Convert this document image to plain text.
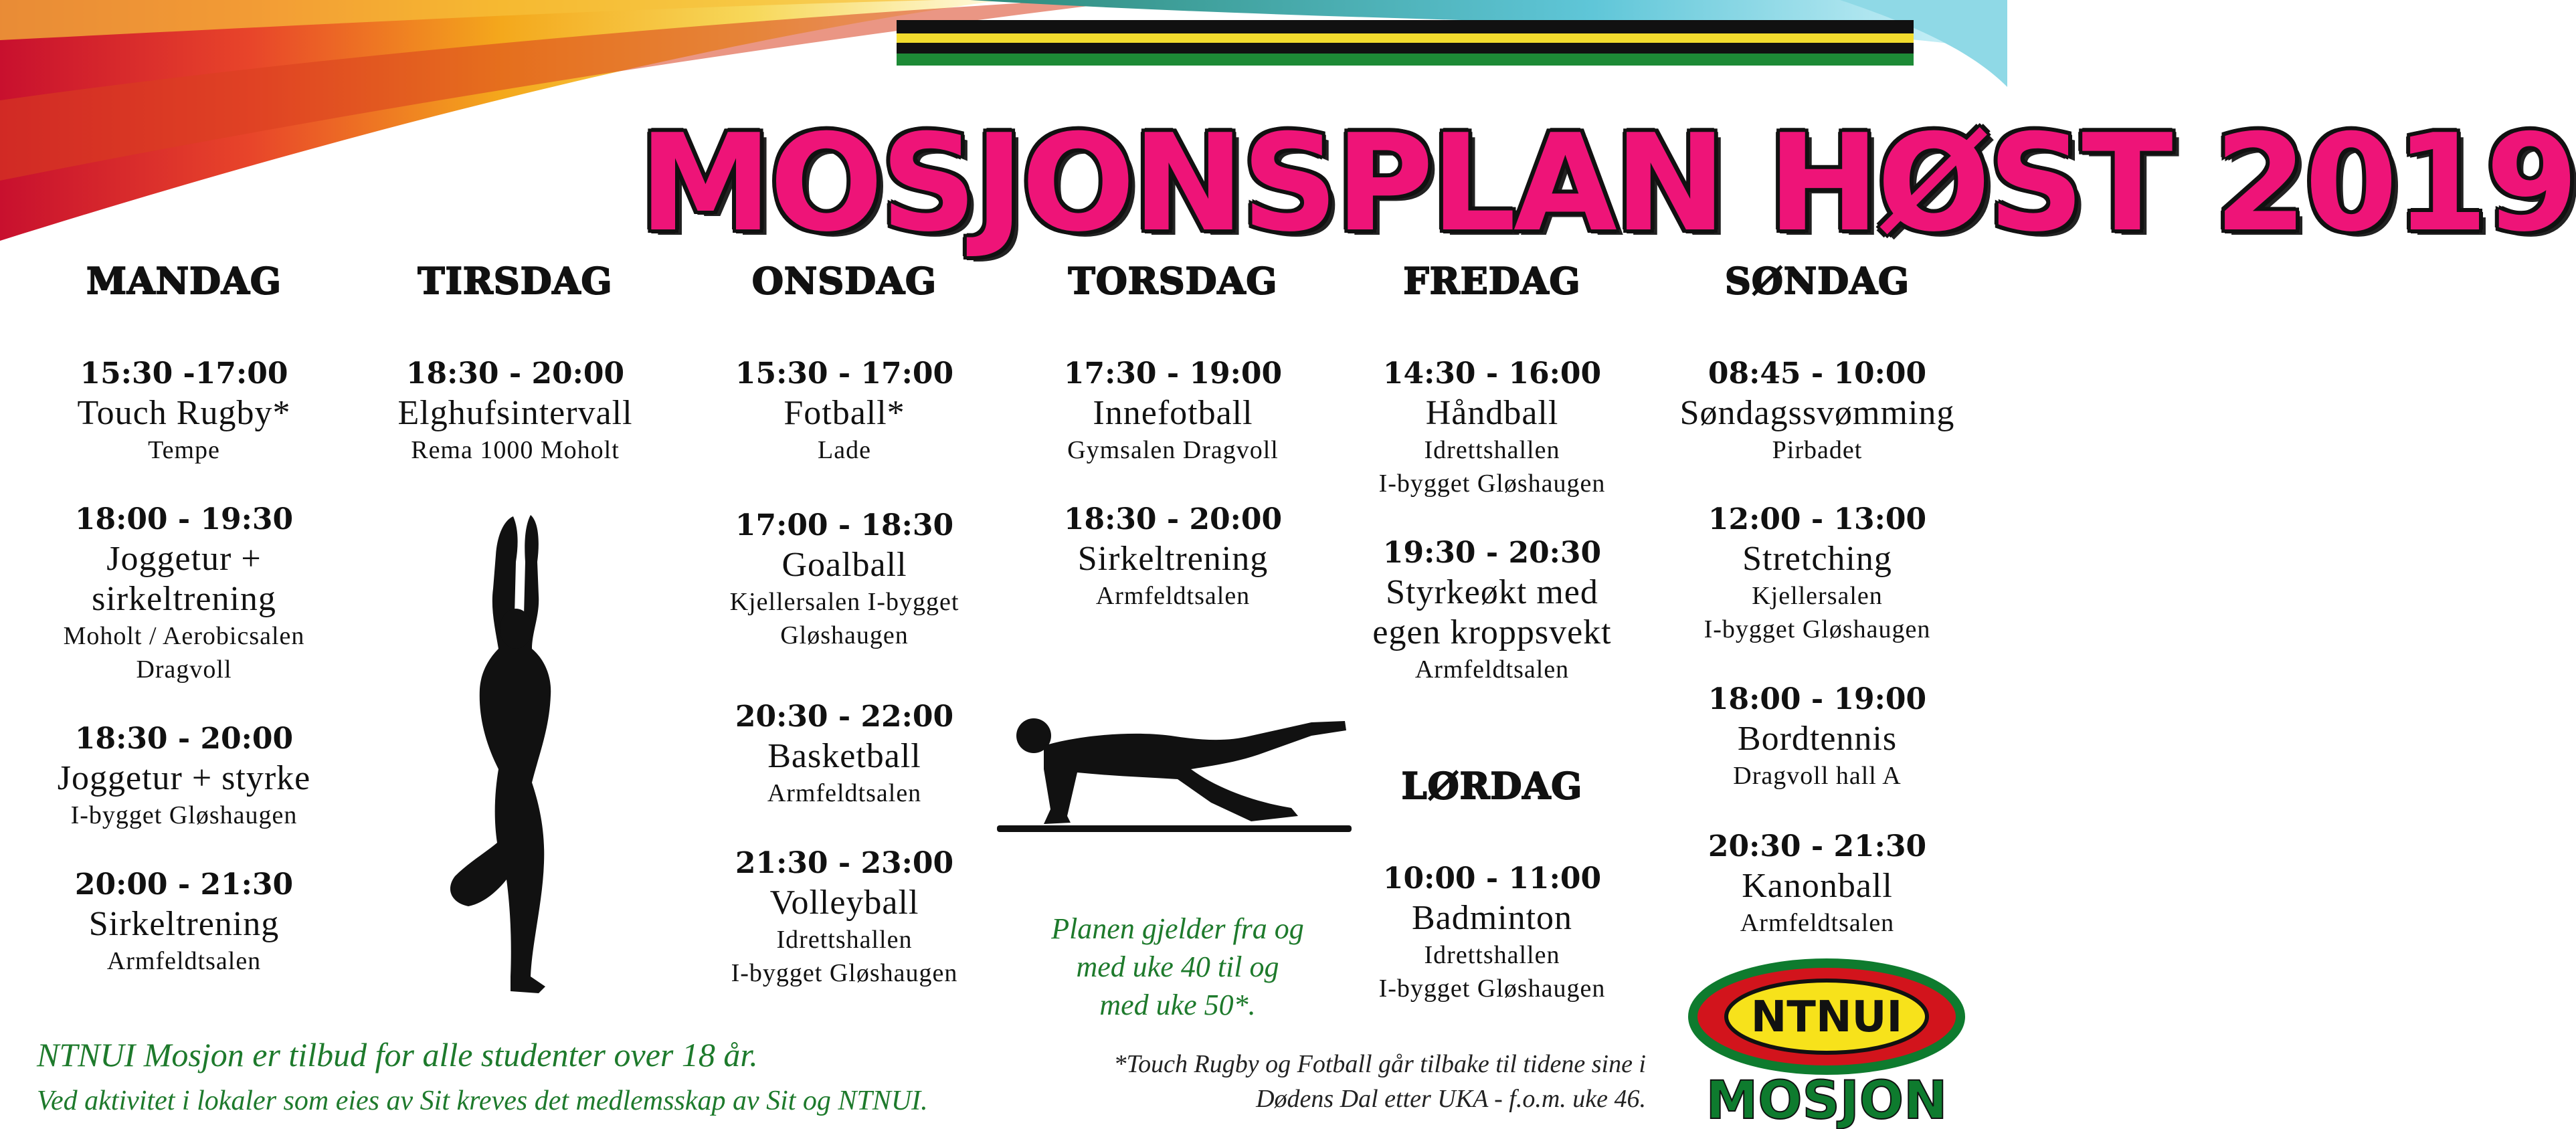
MOSJONSPLAN HØST 2019
MANDAG
15:30 -17:00
Touch Rugby*
Tempe
18:00 - 19:30
Joggetur +
sirkeltrening
Moholt / Aerobicsalen
Dragvoll
18:30 - 20:00
Joggetur + styrke
I-bygget Gløshaugen
20:00 - 21:30
Sirkeltrening
Armfeldtsalen
TIRSDAG
18:30 - 20:00
Elghufsintervall
Rema 1000 Moholt
ONSDAG
15:30 - 17:00
Fotball*
Lade
17:00 - 18:30
Goalball
Kjellersalen I-bygget
Gløshaugen
20:30 - 22:00
Basketball
Armfeldtsalen
21:30 - 23:00
Volleyball
Idrettshallen
I-bygget Gløshaugen
TORSDAG
17:30 - 19:00
Innefotball
Gymsalen Dragvoll
18:30 - 20:00
Sirkeltrening
Armfeldtsalen
FREDAG
14:30 - 16:00
Håndball
Idrettshallen
I-bygget Gløshaugen
19:30 - 20:30
Styrkeøkt med
egen kroppsvekt
Armfeldtsalen
LØRDAG
10:00 - 11:00
Badminton
Idrettshallen
I-bygget Gløshaugen
SØNDAG
08:45 - 10:00
Søndagssvømming
Pirbadet
12:00 - 13:00
Stretching
Kjellersalen
I-bygget Gløshaugen
18:00 - 19:00
Bordtennis
Dragvoll hall A
20:30 - 21:30
Kanonball
Armfeldtsalen
Planen gjelder fra og
med uke 40 til og
med uke 50*.
NTNUI Mosjon er tilbud for alle studenter over 18 år.
Ved aktivitet i lokaler som eies av Sit kreves det medlemsskap av Sit og NTNUI.
*Touch Rugby og Fotball går tilbake til tidene sine i
Dødens Dal etter UKA - f.o.m. uke 46.
NTNUI
MOSJON
